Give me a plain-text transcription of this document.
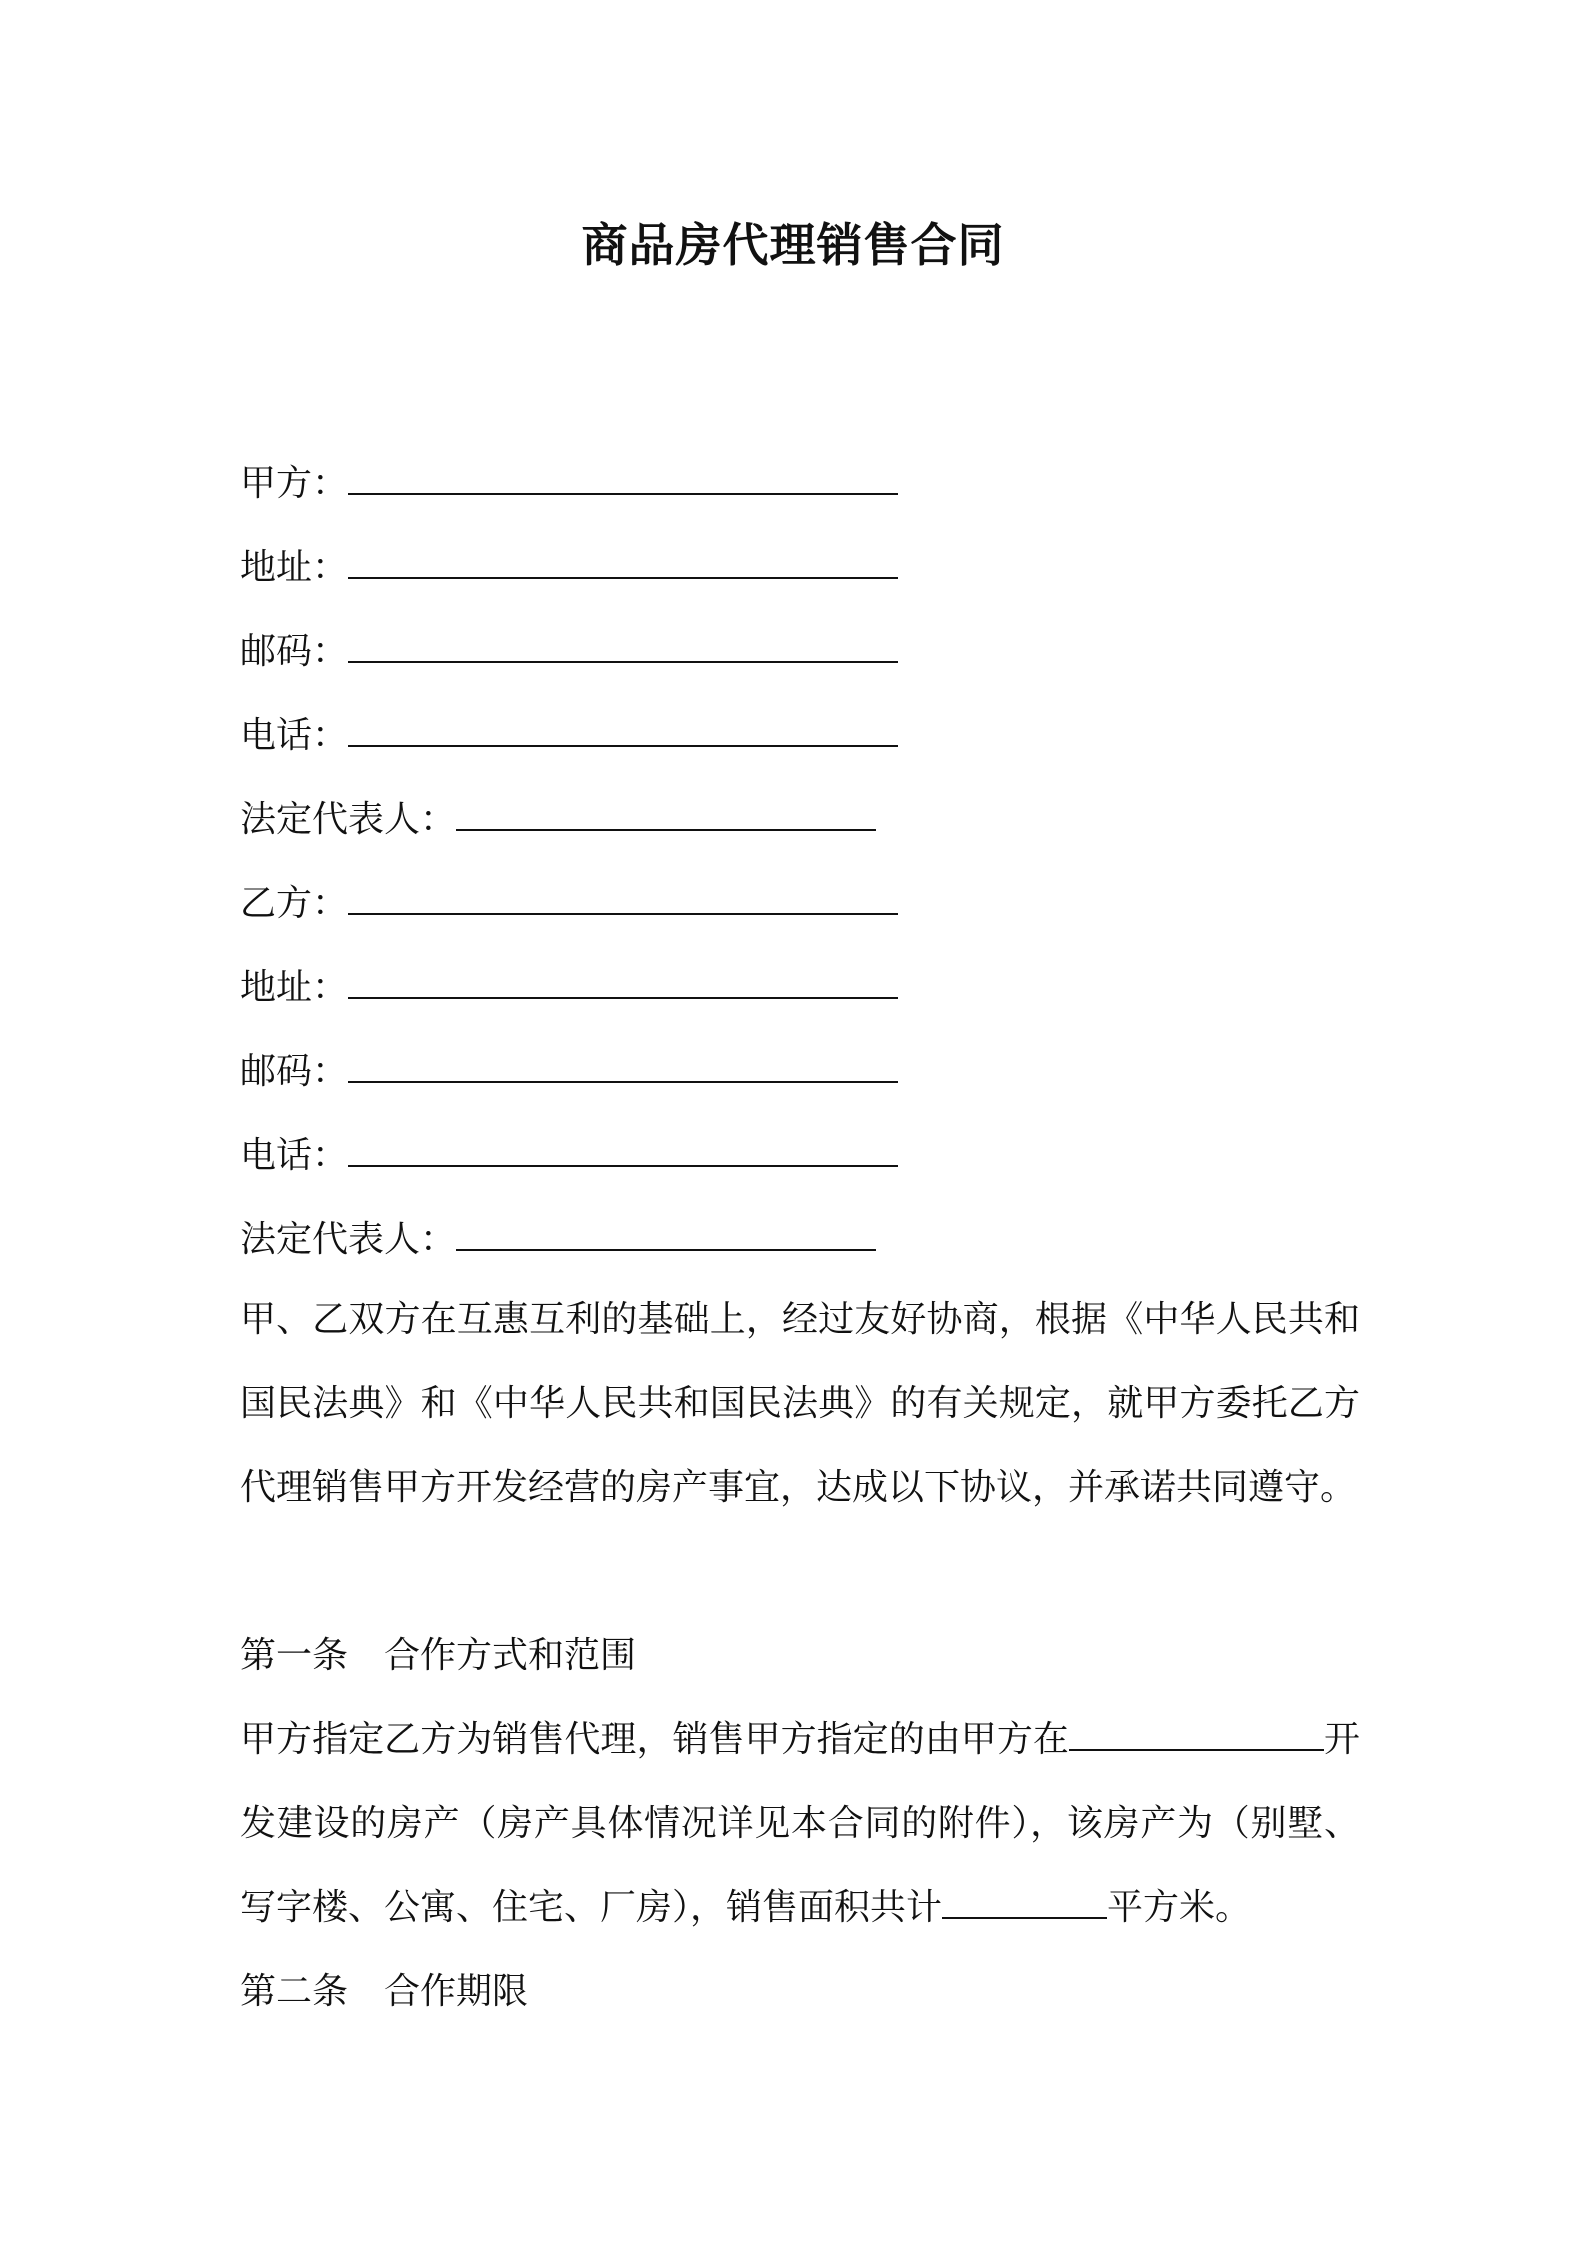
商品房代理销售合同
甲方：
地址：
邮码：
电话：
法定代表人：
乙方：
地址：
邮码：
电话：
法定代表人：
甲、乙双方在互惠互利的基础上，经过友好协商，根据《中华人民共和国民法典》和《中华人民共和国民法典》的有关规定，就甲方委托乙方代理销售甲方开发经营的房产事宜，达成以下协议，并承诺共同遵守。
第一条　合作方式和范围
甲方指定乙方为销售代理，销售甲方指定的由甲方在	开发建设的房产（房产具体情况详见本合同的附件），该房产为（别墅、写字楼、公寓、住宅、厂房），销售面积共计	平方米。
第二条　合作期限
